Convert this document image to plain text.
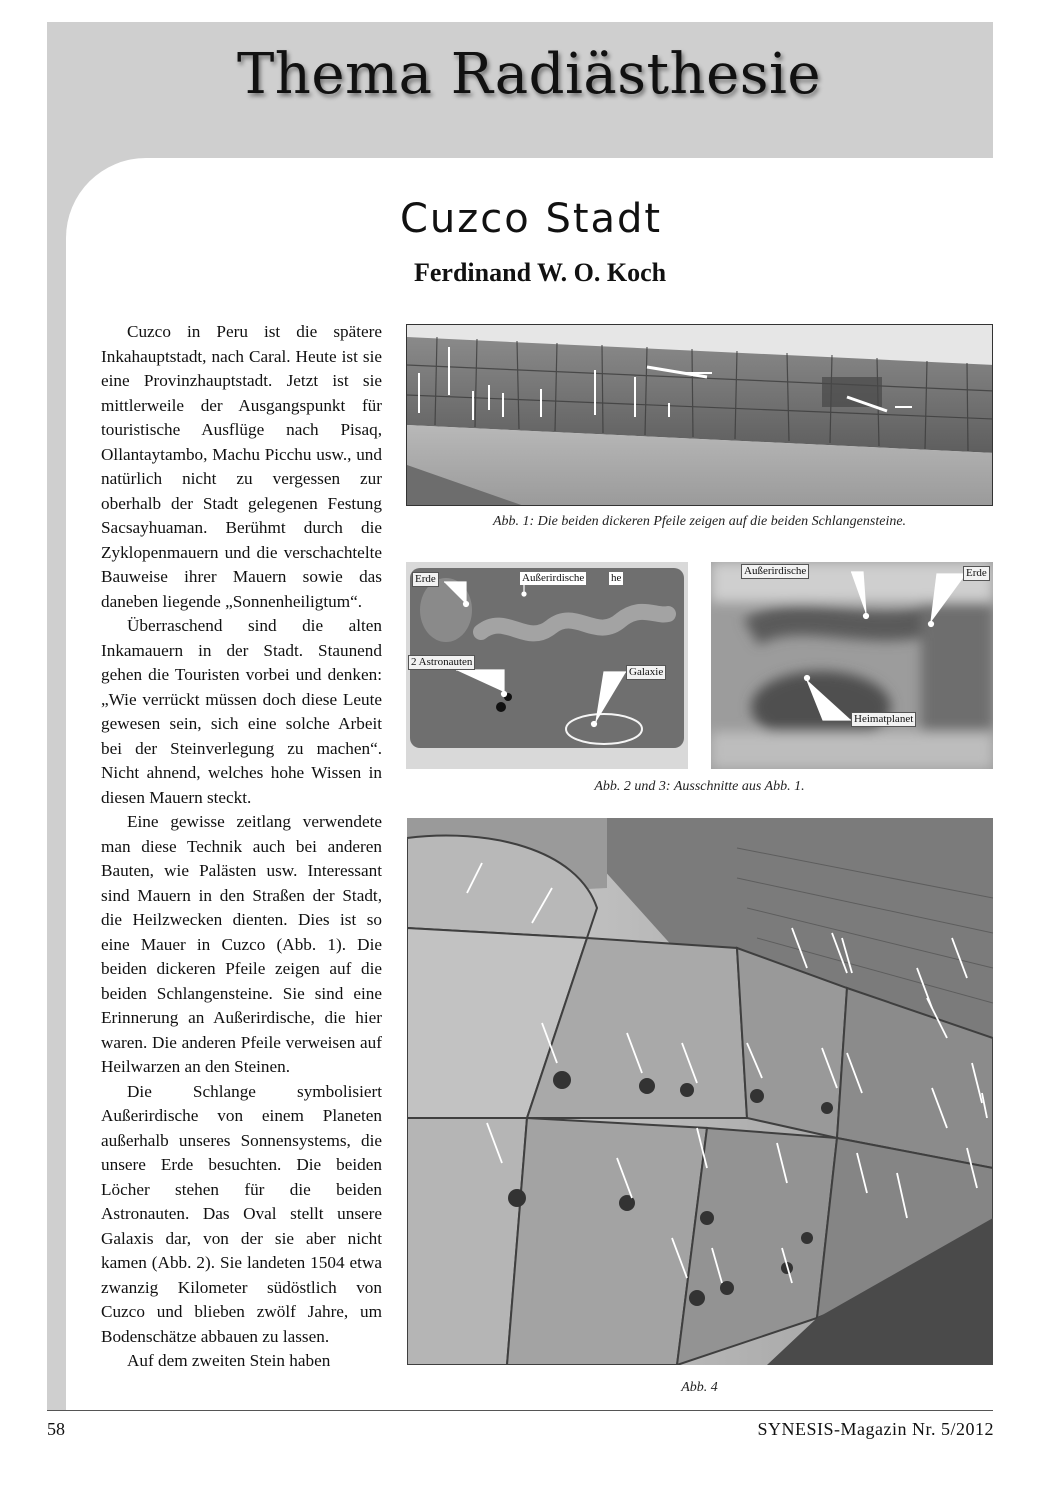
Thema Radiästhesie
Cuzco Stadt
Ferdinand W. O. Koch

Cuzco in Peru ist die spätere Inkahauptstadt, nach Caral. Heute ist sie eine Provinzhauptstadt. Jetzt ist sie mittlerweile der Ausgangspunkt für touristische Ausflüge nach Pisaq, Ollantaytambo, Machu Picchu usw., und natürlich nicht zu vergessen zur oberhalb der Stadt gelegenen Festung Sacsayhuaman. Berühmt durch die Zyklopenmauern und die verschachtelte Bauweise ihrer Mauern sowie das daneben liegende „Sonnenheiligtum“.

Überraschend sind die alten Inkamauern in der Stadt. Staunend gehen die Touristen vorbei und denken: „Wie verrückt müssen doch diese Leute gewesen sein, sich eine solche Arbeit bei der Steinverlegung zu machen“. Nicht ahnend, welches hohe Wissen in diesen Mauern steckt.

Eine gewisse zeitlang verwendete man diese Technik auch bei anderen Bauten, wie Palästen usw. Interessant sind Mauern in den Straßen der Stadt, die Heilzwecken dienten. Dies ist so eine Mauer in Cuzco (Abb. 1). Die beiden dickeren Pfeile zeigen auf die beiden Schlangensteine. Sie sind eine Erinnerung an Außerirdische, die hier waren. Die anderen Pfeile verweisen auf Heilwarzen an den Steinen.

Die Schlange symbolisiert Außerirdische von einem Planeten außerhalb unseres Sonnensystems, die unsere Erde besuchten. Die beiden Löcher stehen für die beiden Astronauten. Das Oval stellt unsere Galaxis dar, von der sie aber nicht kamen (Abb. 2). Sie landeten 1504 etwa zwanzig Kilometer südöstlich von Cuzco und blieben zwölf Jahre, um Bodenschätze abbauen zu lassen.

Auf dem zweiten Stein haben

Abb. 1: Die beiden dickeren Pfeile zeigen auf die beiden Schlangensteine.
Erde	Außerirdische he
2 Astronauten
Galaxie
Außerirdische	Erde
Heimatplanet
Abb. 2 und 3: Ausschnitte aus Abb. 1.
Abb. 4
58	SYNESIS-Magazin Nr. 5/2012
